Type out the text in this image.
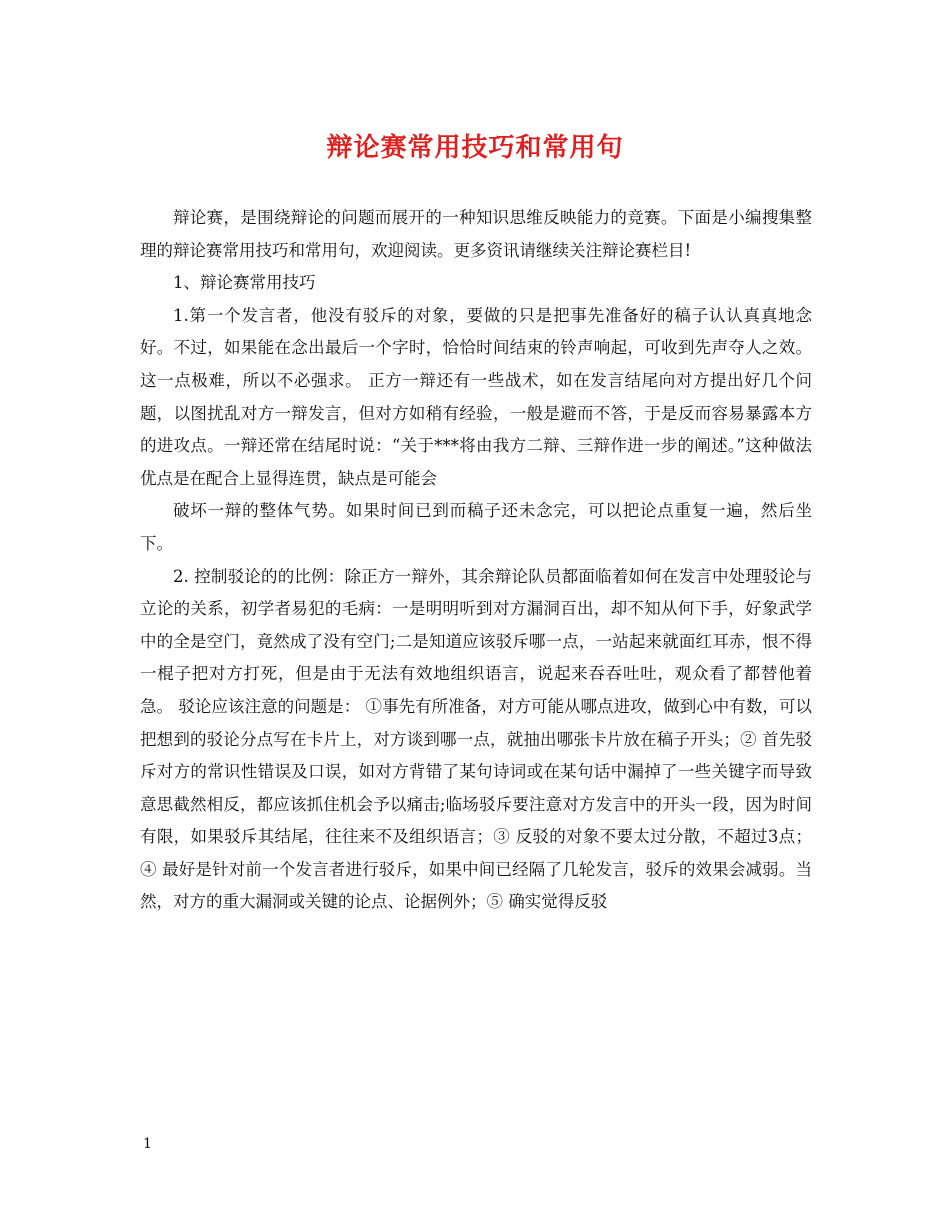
辩论赛常用技巧和常用句

辩论赛，是围绕辩论的问题而展开的一种知识思维反映能力的竞赛。下面是小编搜集整理的辩论赛常用技巧和常用句，欢迎阅读。更多资讯请继续关注辩论赛栏目!

1、辩论赛常用技巧

1.第一个发言者，他没有驳斥的对象，要做的只是把事先准备好的稿子认认真真地念好。不过，如果能在念出最后一个字时，恰恰时间结束的铃声响起，可收到先声夺人之效。这一点极难，所以不必强求。 正方一辩还有一些战术，如在发言结尾向对方提出好几个问题，以图扰乱对方一辩发言，但对方如稍有经验，一般是避而不答，于是反而容易暴露本方的进攻点。一辩还常在结尾时说：“关于***将由我方二辩、三辩作进一步的阐述。”这种做法优点是在配合上显得连贯，缺点是可能会

破坏一辩的整体气势。如果时间已到而稿子还未念完，可以把论点重复一遍，然后坐下。

2. 控制驳论的的比例：除正方一辩外，其余辩论队员都面临着如何在发言中处理驳论与立论的关系，初学者易犯的毛病：一是明明听到对方漏洞百出，却不知从何下手，好象武学中的全是空门，竟然成了没有空门;二是知道应该驳斥哪一点，一站起来就面红耳赤，恨不得一棍子把对方打死，但是由于无法有效地组织语言，说起来吞吞吐吐，观众看了都替他着急。 驳论应该注意的问题是： ①事先有所准备，对方可能从哪点进攻，做到心中有数，可以把想到的驳论分点写在卡片上，对方谈到哪一点，就抽出哪张卡片放在稿子开头；② 首先驳斥对方的常识性错误及口误，如对方背错了某句诗词或在某句话中漏掉了一些关键字而导致意思截然相反，都应该抓住机会予以痛击;临场驳斥要注意对方发言中的开头一段，因为时间有限，如果驳斥其结尾，往往来不及组织语言；③ 反驳的对象不要太过分散，不超过3点；④ 最好是针对前一个发言者进行驳斥，如果中间已经隔了几轮发言，驳斥的效果会减弱。当然，对方的重大漏洞或关键的论点、论据例外；⑤ 确实觉得反驳

1
